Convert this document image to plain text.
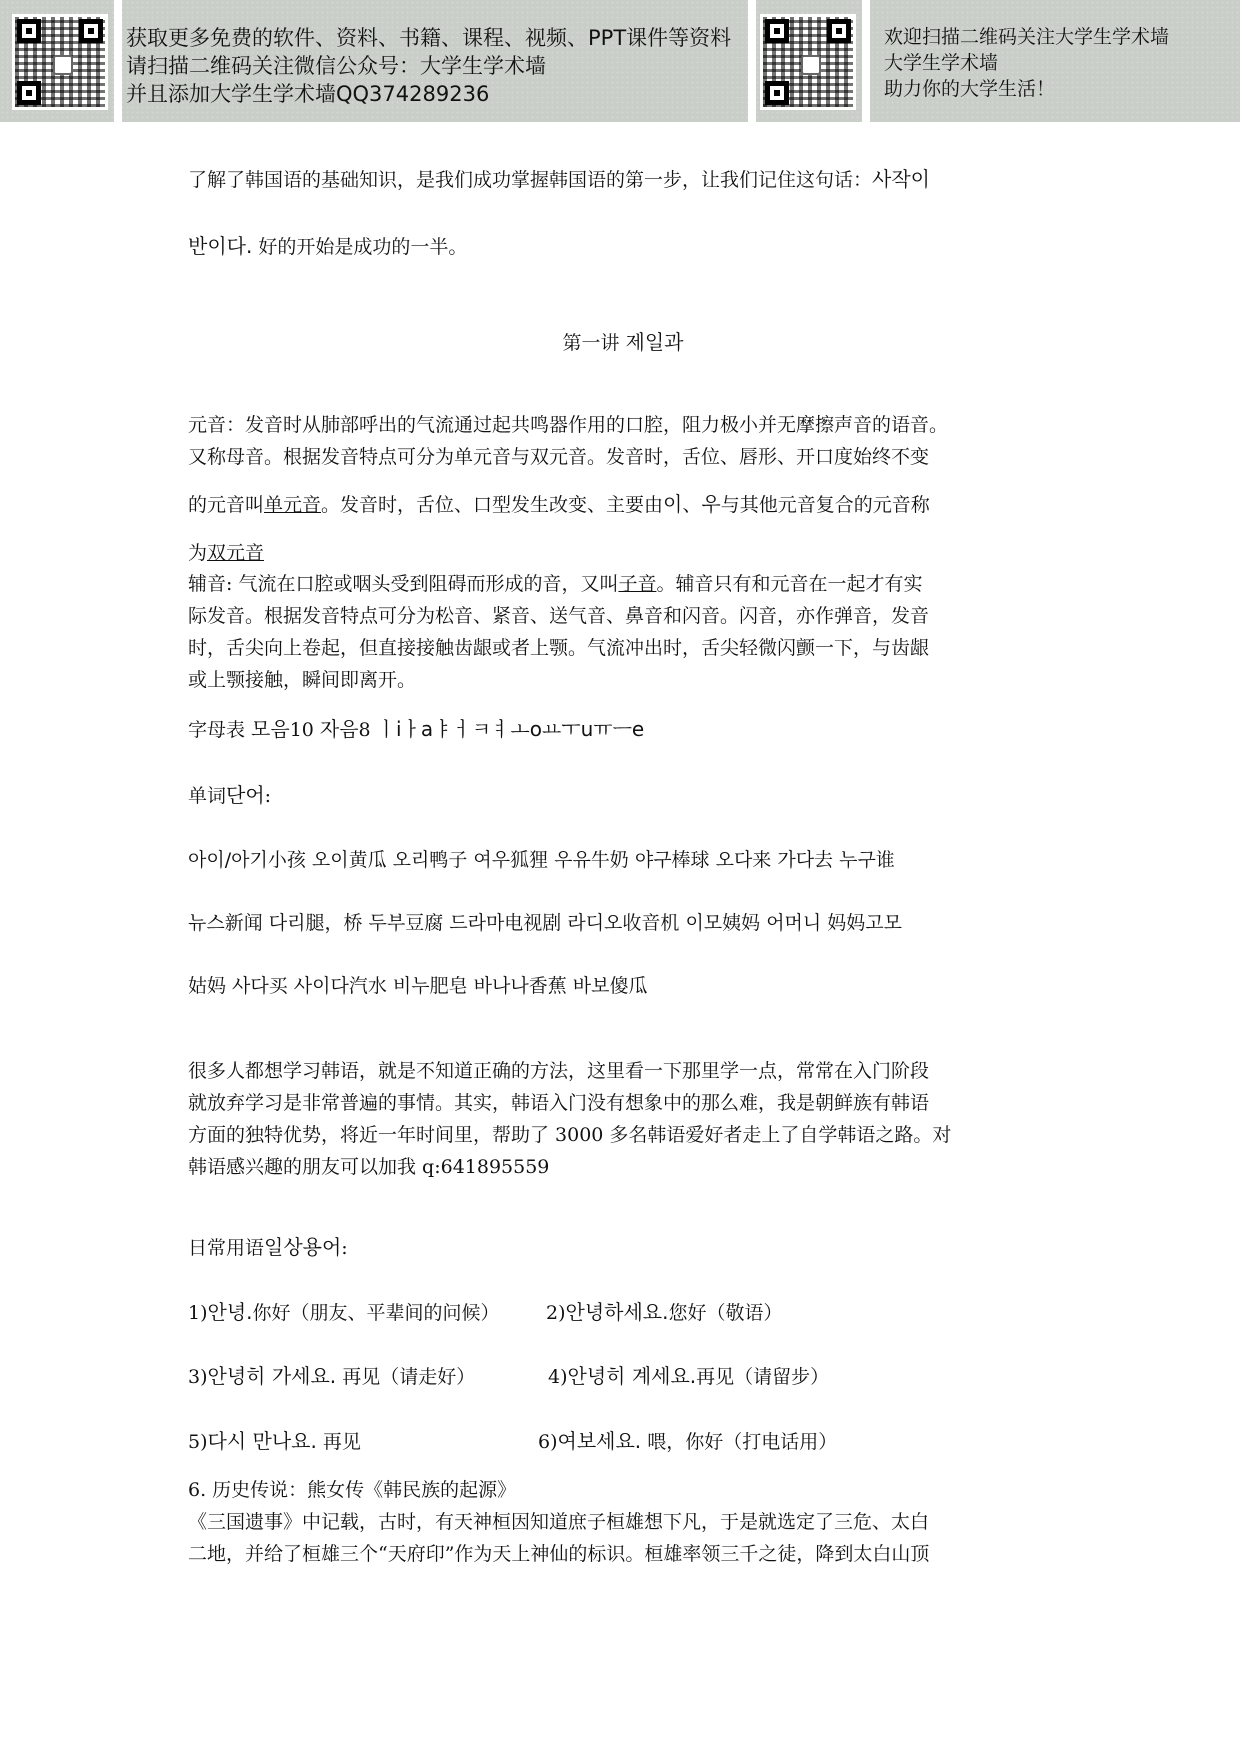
获取更多免费的软件、资料、书籍、课程、视频、PPT课件等资料
请扫描二维码关注微信公众号：大学生学术墙
并且添加大学生学术墙QQ374289236
欢迎扫描二维码关注大学生学术墙
大学生学术墙
助力你的大学生活！
了解了韩国语的基础知识，是我们成功掌握韩国语的第一步，让我们记住这句话：사작이
반이다. 好的开始是成功的一半。
第一讲 제일과
元音：发音时从肺部呼出的气流通过起共鸣器作用的口腔，阻力极小并无摩擦声音的语音。
又称母音。根据发音特点可分为单元音与双元音。发音时，舌位、唇形、开口度始终不变
的元音叫单元音。发音时，舌位、口型发生改变、主要由이、우与其他元音复合的元音称
为双元音
辅音: 气流在口腔或咽头受到阻碍而形成的音，又叫子音。辅音只有和元音在一起才有实
际发音。根据发音特点可分为松音、紧音、送气音、鼻音和闪音。闪音，亦作弹音，发音
时，舌尖向上卷起，但直接接触齿龈或者上颚。气流冲出时，舌尖轻微闪颤一下，与齿龈
或上颚接触，瞬间即离开。
字母表 모음10 자음8 ㅣiㅏaㅑㅓㅋㅕㅗoㅛㅜuㅠㅡe
单词단어:
아이/아기小孩 오이黄瓜 오리鸭子 여우狐狸 우유牛奶 야구棒球 오다来 가다去 누구谁
뉴스新闻 다리腿，桥 두부豆腐 드라마电视剧 라디오收音机 이모姨妈 어머니 妈妈고모
姑妈 사다买 사이다汽水 비누肥皂 바나나香蕉 바보傻瓜
很多人都想学习韩语，就是不知道正确的方法，这里看一下那里学一点，常常在入门阶段
就放弃学习是非常普遍的事情。其实，韩语入门没有想象中的那么难，我是朝鲜族有韩语
方面的独特优势，将近一年时间里，帮助了 3000 多名韩语爱好者走上了自学韩语之路。对
韩语感兴趣的朋友可以加我 q:641895559
日常用语일상용어:
1)안녕.你好（朋友、平辈间的问候） 2)안녕하세요.您好（敬语）
3)안녕히 가세요. 再见（请走好）	4)안녕히 계세요.再见（请留步）
5)다시 만나요. 再见	6)여보세요. 喂，你好（打电话用）
6. 历史传说：熊女传《韩民族的起源》
《三国遗事》中记载，古时，有天神桓因知道庶子桓雄想下凡，于是就选定了三危、太白
二地，并给了桓雄三个“天府印”作为天上神仙的标识。桓雄率领三千之徒，降到太白山顶
